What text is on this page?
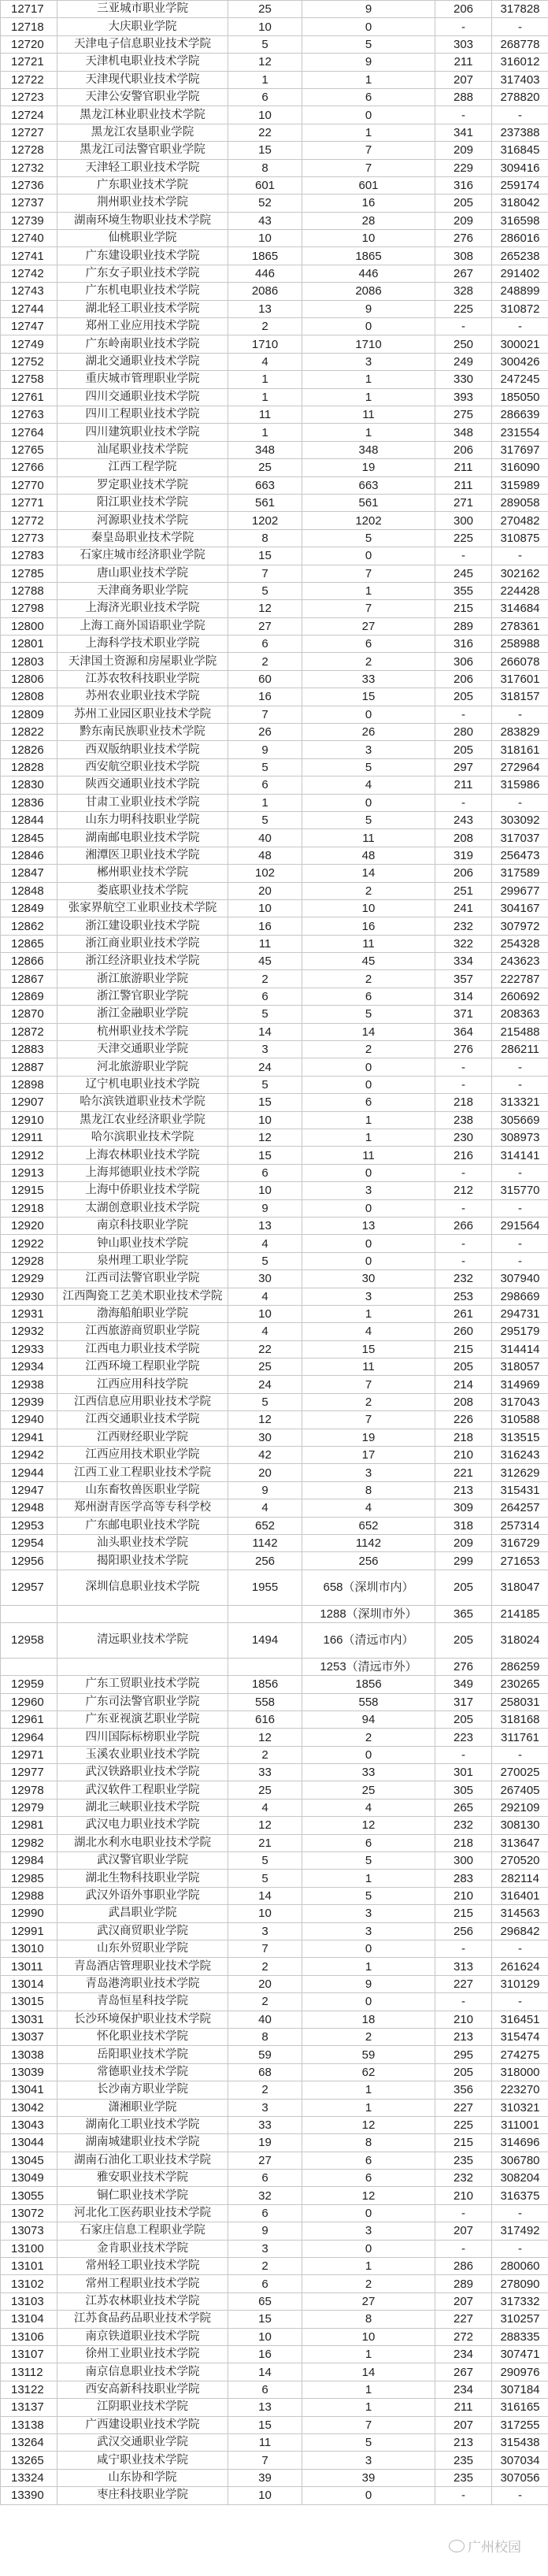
12717	三亚城市职业学院	25	9	206	317828
12718	大庆职业学院	10	0	-	-
12720	天津电子信息职业技术学院	5	5	303	268778
12721	天津机电职业技术学院	12	9	211	316012
12722	天津现代职业技术学院	1	1	207	317403
12723	天津公安警官职业学院	6	6	288	278820
12724	黑龙江林业职业技术学院	10	0	-	-
12727	黑龙江农垦职业学院	22	1	341	237388
12728	黑龙江司法警官职业学院	15	7	209	316845
12732	天津轻工职业技术学院	8	7	229	309416
12736	广东职业技术学院	601	601	316	259174
12737	荆州职业技术学院	52	16	205	318042
12739	湖南环境生物职业技术学院	43	28	209	316598
12740	仙桃职业学院	10	10	276	286016
12741	广东建设职业技术学院	1865	1865	308	265238
12742	广东女子职业技术学院	446	446	267	291402
12743	广东机电职业技术学院	2086	2086	328	248899
12744	湖北轻工职业技术学院	13	9	225	310872
12747	郑州工业应用技术学院	2	0	-	-
12749	广东岭南职业技术学院	1710	1710	250	300021
12752	湖北交通职业技术学院	4	3	249	300426
12758	重庆城市管理职业学院	1	1	330	247245
12761	四川交通职业技术学院	1	1	393	185050
12763	四川工程职业技术学院	11	11	275	286639
12764	四川建筑职业技术学院	1	1	348	231554
12765	汕尾职业技术学院	348	348	206	317697
12766	江西工程学院	25	19	211	316090
12770	罗定职业技术学院	663	663	211	315989
12771	阳江职业技术学院	561	561	271	289058
12772	河源职业技术学院	1202	1202	300	270482
12773	秦皇岛职业技术学院	8	5	225	310875
12783	石家庄城市经济职业学院	15	0	-	-
12785	唐山职业技术学院	7	7	245	302162
12788	天津商务职业学院	5	1	355	224428
12798	上海济光职业技术学院	12	7	215	314684
12800	上海工商外国语职业学院	27	27	289	278361
12801	上海科学技术职业学院	6	6	316	258988
12803	天津国土资源和房屋职业学院	2	2	306	266078
12806	江苏农牧科技职业学院	60	33	206	317601
12808	苏州农业职业技术学院	16	15	205	318157
12809	苏州工业园区职业技术学院	7	0	-	-
12822	黔东南民族职业技术学院	26	26	280	283829
12826	西双版纳职业技术学院	9	3	205	318161
12828	西安航空职业技术学院	5	5	297	272964
12830	陕西交通职业技术学院	6	4	211	315986
12836	甘肃工业职业技术学院	1	0	-	-
12844	山东力明科技职业学院	5	5	243	303092
12845	湖南邮电职业技术学院	40	11	208	317037
12846	湘潭医卫职业技术学院	48	48	319	256473
12847	郴州职业技术学院	102	14	206	317589
12848	娄底职业技术学院	20	2	251	299677
12849	张家界航空工业职业技术学院	10	10	241	304167
12862	浙江建设职业技术学院	16	16	232	307972
12865	浙江商业职业技术学院	11	11	322	254328
12866	浙江经济职业技术学院	45	45	334	243623
12867	浙江旅游职业学院	2	2	357	222787
12869	浙江警官职业学院	6	6	314	260692
12870	浙江金融职业学院	5	5	371	208363
12872	杭州职业技术学院	14	14	364	215488
12883	天津交通职业学院	3	2	276	286211
12887	河北旅游职业学院	24	0	-	-
12898	辽宁机电职业技术学院	5	0	-	-
12907	哈尔滨铁道职业技术学院	15	6	218	313321
12910	黑龙江农业经济职业学院	10	1	238	305669
12911	哈尔滨职业技术学院	12	1	230	308973
12912	上海农林职业技术学院	15	11	216	314141
12913	上海邦德职业技术学院	6	0	-	-
12915	上海中侨职业技术学院	10	3	212	315770
12918	太湖创意职业技术学院	9	0	-	-
12920	南京科技职业学院	13	13	266	291564
12922	钟山职业技术学院	4	0	-	-
12928	泉州理工职业学院	5	0	-	-
12929	江西司法警官职业学院	30	30	232	307940
12930	江西陶瓷工艺美术职业技术学院	4	3	253	298669
12931	渤海船舶职业学院	10	1	261	294731
12932	江西旅游商贸职业学院	4	4	260	295179
12933	江西电力职业技术学院	22	15	215	314414
12934	江西环境工程职业学院	25	11	205	318057
12938	江西应用科技学院	24	7	214	314969
12939	江西信息应用职业技术学院	5	2	208	317043
12940	江西交通职业技术学院	12	7	226	310588
12941	江西财经职业学院	30	19	218	313515
12942	江西应用技术职业学院	42	17	210	316243
12944	江西工业工程职业技术学院	20	3	221	312629
12947	山东畜牧兽医职业学院	9	8	213	315431
12948	郑州澍青医学高等专科学校	4	4	309	264257
12953	广东邮电职业技术学院	652	652	318	257314
12954	汕头职业技术学院	1142	1142	209	316729
12956	揭阳职业技术学院	256	256	299	271653
12957	深圳信息职业技术学院	1955	658（深圳市内）	205	318047
			1288（深圳市外）	365	214185
12958	清远职业技术学院	1494	166（清远市内）	205	318024
			1253（清远市外）	276	286259
12959	广东工贸职业技术学院	1856	1856	349	230265
12960	广东司法警官职业学院	558	558	317	258031
12961	广东亚视演艺职业学院	616	94	205	318168
12964	四川国际标榜职业学院	12	2	223	311761
12971	玉溪农业职业技术学院	2	0	-	-
12977	武汉铁路职业技术学院	33	33	301	270025
12978	武汉软件工程职业学院	25	25	305	267405
12979	湖北三峡职业技术学院	4	4	265	292109
12981	武汉电力职业技术学院	12	12	232	308130
12982	湖北水利水电职业技术学院	21	6	218	313647
12984	武汉警官职业学院	5	5	300	270520
12985	湖北生物科技职业学院	5	1	283	282114
12988	武汉外语外事职业学院	14	5	210	316401
12990	武昌职业学院	10	3	215	314563
12991	武汉商贸职业学院	3	3	256	296842
13010	山东外贸职业学院	7	0	-	-
13011	青岛酒店管理职业技术学院	2	1	313	261624
13014	青岛港湾职业技术学院	20	9	227	310129
13015	青岛恒星科技学院	2	0	-	-
13031	长沙环境保护职业技术学院	40	18	210	316451
13037	怀化职业技术学院	8	2	213	315474
13038	岳阳职业技术学院	59	59	295	274275
13039	常德职业技术学院	68	62	205	318000
13041	长沙南方职业学院	2	1	356	223270
13042	潇湘职业学院	3	1	227	310321
13043	湖南化工职业技术学院	33	12	225	311001
13044	湖南城建职业技术学院	19	8	215	314696
13045	湖南石油化工职业技术学院	27	6	235	306780
13049	雅安职业技术学院	6	6	232	308204
13055	铜仁职业技术学院	32	12	210	316375
13072	河北化工医药职业技术学院	6	0	-	-
13073	石家庄信息工程职业学院	9	3	207	317492
13100	金肯职业技术学院	3	0	-	-
13101	常州轻工职业技术学院	2	1	286	280060
13102	常州工程职业技术学院	6	2	289	278090
13103	江苏农林职业技术学院	65	27	207	317332
13104	江苏食品药品职业技术学院	15	8	227	310257
13106	南京铁道职业技术学院	10	10	272	288335
13107	徐州工业职业技术学院	16	1	234	307471
13112	南京信息职业技术学院	14	14	267	290976
13122	西安高新科技职业学院	6	1	234	307184
13137	江阴职业技术学院	13	1	211	316165
13138	广西建设职业技术学院	15	7	207	317255
13264	武汉交通职业学院	11	5	213	315438
13265	咸宁职业技术学院	7	3	235	307034
13324	山东协和学院	39	39	235	307056
13390	枣庄科技职业学院	10	0	-	-
广州校园
